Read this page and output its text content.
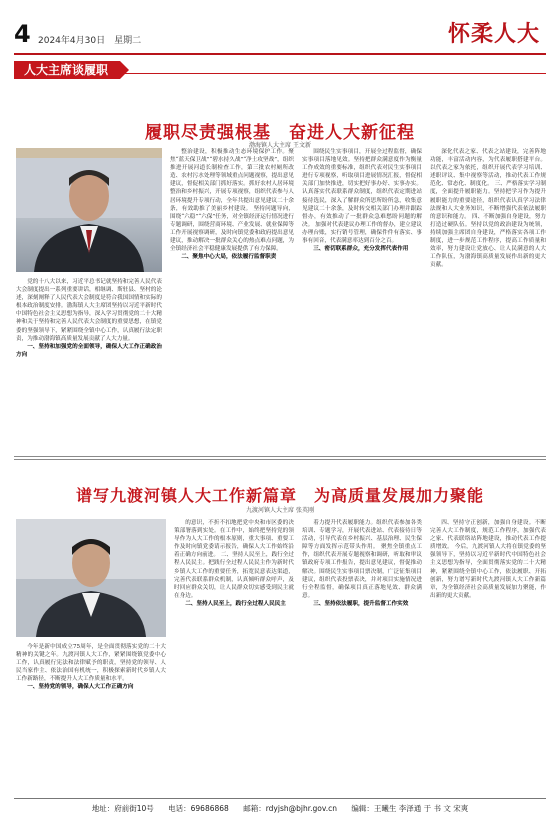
4 2024年4月30日　星期二	怀柔人大
人大主席谈履职
履职尽责强根基　奋进人大新征程
渤海镇人大主席 王文新

党的十八大以来，习近平总书记就坚持和完善人民代表大会制度提出一系列重要讲话，相继调、斯驻县、坚村的论述，深刻阐释了人民代表大会制度是符合我国国情和实际的根本政治制度安排。渤海镇人大主席团坚持以习近平新时代中国特色社会主义思想为指导，深入学习贯彻党的二十大精神和关于坚持和完善人民代表大会制度的重要思想，在镇党委的坚强领导下，紧紧围绕全镇中心工作，认真履行法定职责，为推动渤海镇高质量发展贡献了人大力量。

一、坚持和加强党的全面领导，确保人大工作正确政治方向

整治建设，积极推动生态环境保护工作。聚焦“蓝天保卫战”“碧水持久战”“净土攻坚战”，组织推进开展河道长制检查工作，第三批农村厕所改造、农村污水处理等领域重点问题视察，提出意见建议，督促相关部门抓好落实。抓好农村人居环境整治和乡村振兴，开展专项视察，组织代表参与人居环境提升专项行动，全年共提出意见建议二十余条，有效助推了美丽乡村建设。 坚持问题导向，围绕“六稳”“六保”任务，对全镇经济运行情况进行专题调研，围绕营商环境、产业发展、就业保障等工作开展视察调研，及时向镇党委和政府提出意见建议，推动解决一批群众关心的热点难点问题，为全镇经济社会平稳健康发展提供了有力保障。

二、聚焦中心大局，依法履行监督职责

围绕民生实事项目，开展全过程监督，确保实事项目落地见效。坚持把群众满意度作为衡量工作成效的重要标准，组织代表对民生实事项目进行专项视察，听取项目进展情况汇报，督促相关部门加快推进，切实把好事办好、实事办实。 认真落实代表联系群众制度，组织代表定期进站接待选民，深入了解群众所思所盼所急，收集意见建议二十余条，及时转交相关部门办理并跟踪督办，有效推动了一批群众急难愁盼问题的解决。 加强对代表建议办理工作的督办，建立建议办理台账，实行销号管理，确保件件有落实、事事有回音，代表满意率达到百分之百。

三、密切联系群众，充分发挥代表作用

深化代表之家、代表之站建设，完善阵地功能，丰富活动内容，为代表履职搭建平台。以代表之家为依托，组织开展代表学习培训、述职评议、集中视察等活动，推动代表工作规范化、常态化、制度化。 三、严格落实学习制度，全面提升履职能力。坚持把学习作为提升履职能力的重要途径，组织代表认真学习法律法规和人大业务知识，不断增强代表依法履职的意识和能力。 四、不断加强自身建设，努力打造过硬队伍。坚持以党的政治建设为统领，持续加强主席团自身建设，严格落实各项工作制度，进一步规范工作程序，提高工作质量和效率，努力建设让党放心、让人民满意的人大工作队伍，为渤海镇高质量发展作出新的更大贡献。

谱写九渡河镇人大工作新篇章　为高质量发展加力聚能
九渡河镇人大主席 张英刚

今年是新中国成立75周年，是全面贯彻落实党的二十大精神的关键之年。九渡河镇人大工作，紧紧围绕镇党委中心工作，认真履行宪法和法律赋予的职责，坚持党的领导、人民当家作主、依法治国有机统一，积极探索新时代乡镇人大工作新路径，不断提升人大工作质量和水平。

一、坚持党的领导，确保人大工作正确方向

的意识，不折不扣地把党中央和市区委的决策部署落到实处。在工作中，始终把坚持党的领导作为人大工作的根本原则，重大事项、重要工作及时向镇党委请示报告，确保人大工作始终沿着正确方向前进。 二、坚持人民至上，践行全过程人民民主。把践行全过程人民民主作为新时代乡镇人大工作的重要任务，拓宽民意表达渠道，完善代表联系群众机制，认真倾听群众呼声，及时回应群众关切，让人民群众切实感受到民主就在身边。

二、坚持人民至上，践行全过程人民民主

着力提升代表履职能力。组织代表参加各类培训、专题学习，开展代表进站、代表接待日等活动，引导代表在乡村振兴、基层治理、民生保障等方面发挥示范带头作用。 聚焦全镇重点工作，组织代表开展专题视察和调研，听取和审议镇政府专项工作报告，提出意见建议，督促推动解决。围绕民生实事项目票决制，广泛征集项目建议，组织代表投票表决，并对项目实施情况进行全程监督，确保项目真正落地见效、群众满意。

三、坚持依法履职，提升监督工作实效

四、坚持守正创新，加强自身建设。不断完善人大工作制度，规范工作程序，加强代表之家、代表联络站阵地建设，推动代表工作提质增效。 今后，九渡河镇人大将在镇党委的坚强领导下，坚持以习近平新时代中国特色社会主义思想为指导，全面贯彻落实党的二十大精神，紧紧围绕全镇中心工作，依法履职、开拓创新，努力谱写新时代九渡河镇人大工作新篇章，为全镇经济社会高质量发展加力聚能，作出新的更大贡献。

地址：府前街10号 电话：69686868 邮箱：rdyjsh@bjhr.gov.cn 编辑：王曦生 李泽通 于 书 文 宋爽
